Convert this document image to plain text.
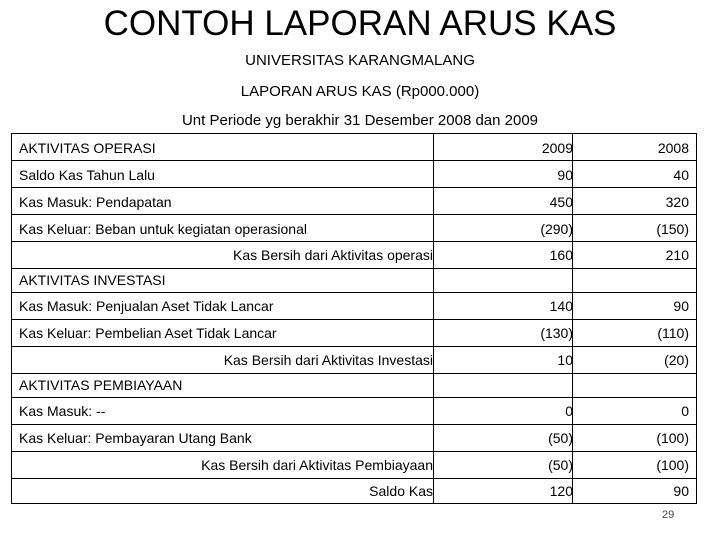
CONTOH LAPORAN ARUS KAS
UNIVERSITAS KARANGMALANG
LAPORAN ARUS KAS (Rp000.000)
Unt Periode yg berakhir 31 Desember 2008 dan 2009
AKTIVITAS OPERASI	2009	2008
Saldo Kas Tahun Lalu	90	40
Kas Masuk: Pendapatan	450	320
Kas Keluar: Beban untuk kegiatan operasional	(290)	(150)
Kas Bersih dari Aktivitas operasi	160	210
AKTIVITAS INVESTASI
Kas Masuk: Penjualan Aset Tidak Lancar	140	90
Kas Keluar: Pembelian Aset Tidak Lancar	(130)	(110)
Kas Bersih dari Aktivitas Investasi	10	(20)
AKTIVITAS PEMBIAYAAN
Kas Masuk: --	0	0
Kas Keluar: Pembayaran Utang Bank	(50)	(100)
Kas Bersih dari Aktivitas Pembiayaan	(50)	(100)
Saldo Kas	120	90
29
